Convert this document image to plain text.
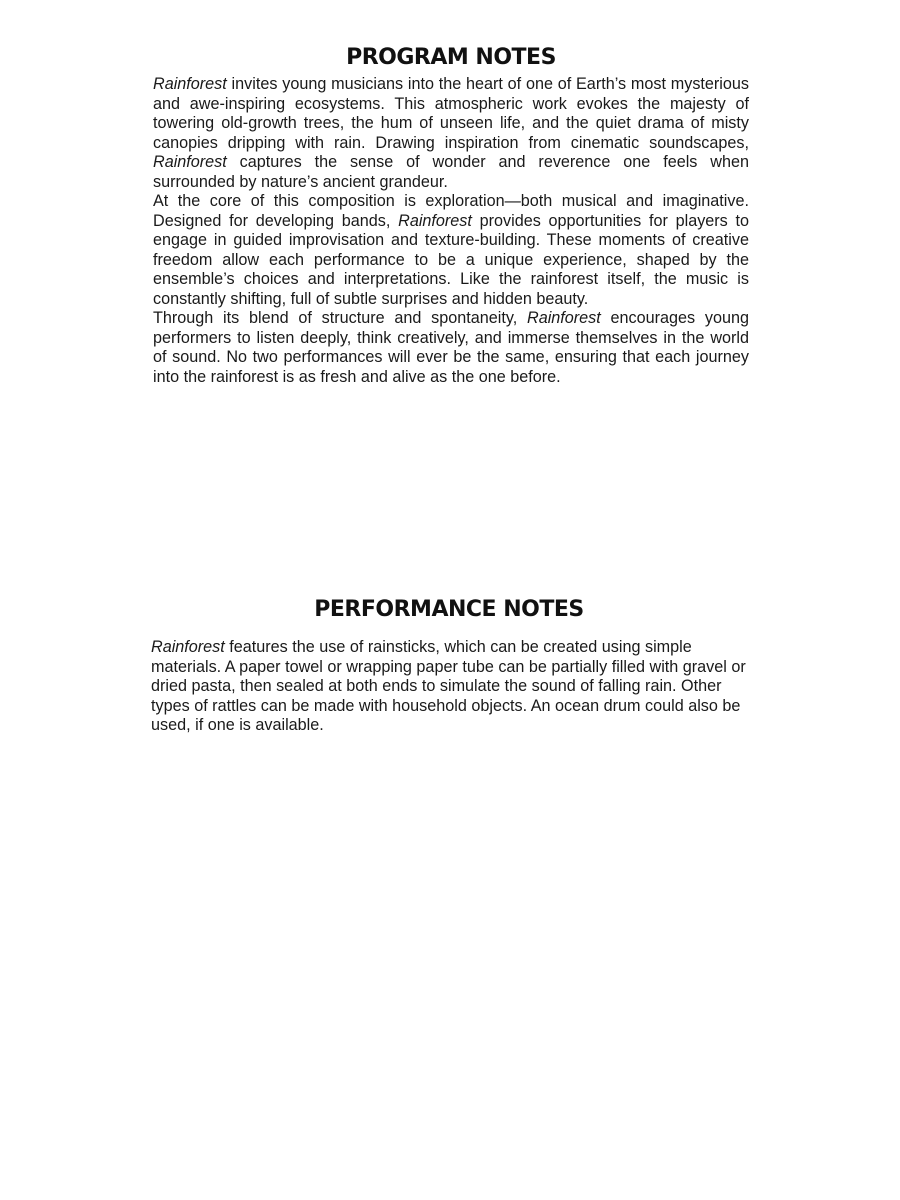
PROGRAM NOTES

Rainforest invites young musicians into the heart of one of Earth’s most mysterious and awe-inspiring ecosystems. This atmospheric work evokes the majesty of towering old-growth trees, the hum of unseen life, and the quiet drama of misty canopies dripping with rain. Drawing inspiration from cinematic soundscapes, Rainforest captures the sense of wonder and reverence one feels when surrounded by nature’s ancient grandeur.

At the core of this composition is exploration—both musical and imaginative. Designed for developing bands, Rainforest provides opportunities for players to engage in guided improvisation and texture-building. These moments of creative freedom allow each performance to be a unique experience, shaped by the ensemble’s choices and interpretations. Like the rainforest itself, the music is constantly shifting, full of subtle surprises and hidden beauty.

Through its blend of structure and spontaneity, Rainforest encourages young performers to listen deeply, think creatively, and immerse themselves in the world of sound. No two performances will ever be the same, ensuring that each journey into the rainforest is as fresh and alive as the one before.

PERFORMANCE NOTES

Rainforest features the use of rainsticks, which can be created using simple materials. A paper towel or wrapping paper tube can be partially filled with gravel or dried pasta, then sealed at both ends to simulate the sound of falling rain. Other types of rattles can be made with household objects. An ocean drum could also be used, if one is available.
